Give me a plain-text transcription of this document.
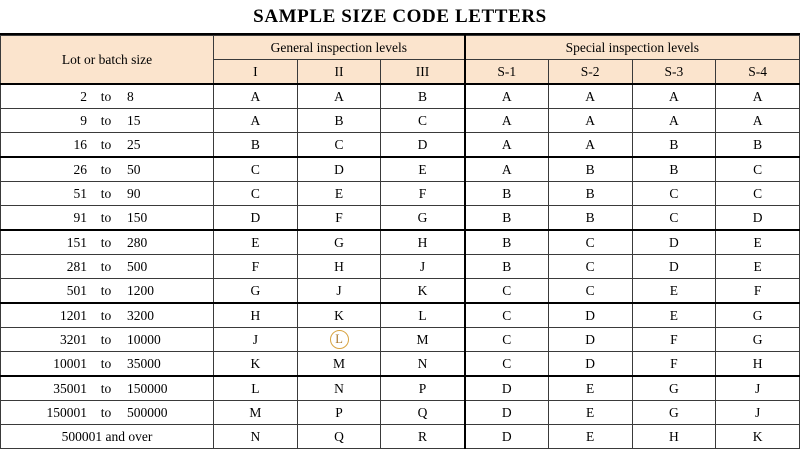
SAMPLE SIZE CODE LETTERS
Lot or batch size	General inspection levels			Special inspection levels			
	I	II	III	S-1	S-2	S-3	S-4

2 to 8	A	A	B	A	A	A	A

9 to 15	A	B	C	A	A	A	A

16 to 25	B	C	D	A	A	B	B

26 to 50	C	D	E	A	B	B	C

51 to 90	C	E	F	B	B	C	C

91 to 150	D	F	G	B	B	C	D

151 to 280	E	G	H	B	C	D	E

281 to 500	F	H	J	B	C	D	E

501 to 1200	G	J	K	C	C	E	F

1201 to 3200	H	K	L	C	D	E	G

3201 to 10000	J	L	M	C	D	F	G

10001 to 35000	K	M	N	C	D	F	H

35001 to 150000	L	N	P	D	E	G	J

150001 to 500000	M	P	Q	D	E	G	J

500001 and over	N	Q	R	D	E	H	K
